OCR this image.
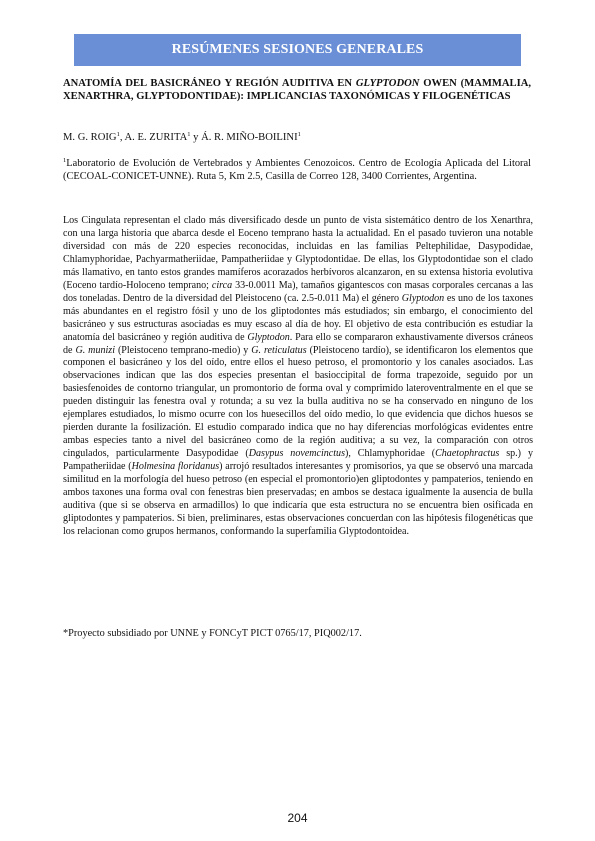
RESÚMENES SESIONES GENERALES
ANATOMÍA DEL BASICRÁNEO Y REGIÓN AUDITIVA EN GLYPTODON OWEN (MAMMALIA, XENARTHRA, GLYPTODONTIDAE): IMPLICANCIAS TAXONÓMICAS Y FILOGENÉTICAS
M. G. ROIG$^1$, A. E. ZURITA$^1$ y Á. R. MIÑO-BOILINI$^1$
$^1$Laboratorio de Evolución de Vertebrados y Ambientes Cenozoicos. Centro de Ecología Aplicada del Litoral (CECOAL-CONICET-UNNE). Ruta 5, Km 2.5, Casilla de Correo 128, 3400 Corrientes, Argentina.

Los Cingulata representan el clado más diversificado desde un punto de vista sistemático dentro de los Xenarthra, con una larga historia que abarca desde el Eoceno temprano hasta la actualidad. En el pasado tuvieron una notable diversidad con más de 220 especies reconocidas, incluidas en las familias Peltephilidae, Dasypodidae, Chlamyphoridae, Pachyarmatheriidae, Pampatheriidae y Glyptodontidae. De ellas, los Glyptodontidae son el clado más llamativo, en tanto estos grandes mamíferos acorazados herbívoros alcanzaron, en su extensa historia evolutiva (Eoceno tardío-Holoceno temprano; circa 33-0.0011 Ma), tamaños gigantescos con masas corporales cercanas a las dos toneladas. Dentro de la diversidad del Pleistoceno (ca. 2.5-0.011 Ma) el género Glyptodon es uno de los taxones más abundantes en el registro fósil y uno de los gliptodontes más estudiados; sin embargo, el conocimiento del basicráneo y sus estructuras asociadas es muy escaso al día de hoy. El objetivo de esta contribución es estudiar la anatomía del basicráneo y región auditiva de Glyptodon. Para ello se compararon exhaustivamente diversos cráneos de G. munizi (Pleistoceno temprano-medio) y G. reticulatus (Pleistoceno tardío), se identificaron los elementos que componen el basicráneo y los del oído, entre ellos el hueso petroso, el promontorio y los canales asociados. Las observaciones indican que las dos especies presentan el basioccipital de forma trapezoide, seguido por un basiesfenoides de contorno triangular, un promontorio de forma oval y comprimido lateroventralmente en el que se pueden distinguir las fenestra oval y rotunda; a su vez la bulla auditiva no se ha conservado en ninguno de los ejemplares estudiados, lo mismo ocurre con los huesecillos del oído medio, lo que evidencia que dichos huesos se pierden durante la fosilización. El estudio comparado indica que no hay diferencias morfológicas evidentes entre ambas especies tanto a nivel del basicráneo como de la región auditiva; a su vez, la comparación con otros cingulados, particularmente Dasypodidae (Dasypus novemcinctus), Chlamyphoridae (Chaetophractus sp.) y Pampatheriidae (Holmesina floridanus) arrojó resultados interesantes y promisorios, ya que se observó una marcada similitud en la morfología del hueso petroso (en especial el promontorio)en gliptodontes y pampaterios, teniendo en ambos taxones una forma oval con fenestras bien preservadas; en ambos se destaca igualmente la ausencia de bulla auditiva (que si se observa en armadillos) lo que indicaría que esta estructura no se encuentra bien osificada en gliptodontes y pampaterios. Si bien, preliminares, estas observaciones concuerdan con las hipótesis filogenéticas que los relacionan como grupos hermanos, conformando la superfamilia Glyptodontoidea.

*Proyecto subsidiado por UNNE y FONCyT PICT 0765/17, PIQ002/17.
204
